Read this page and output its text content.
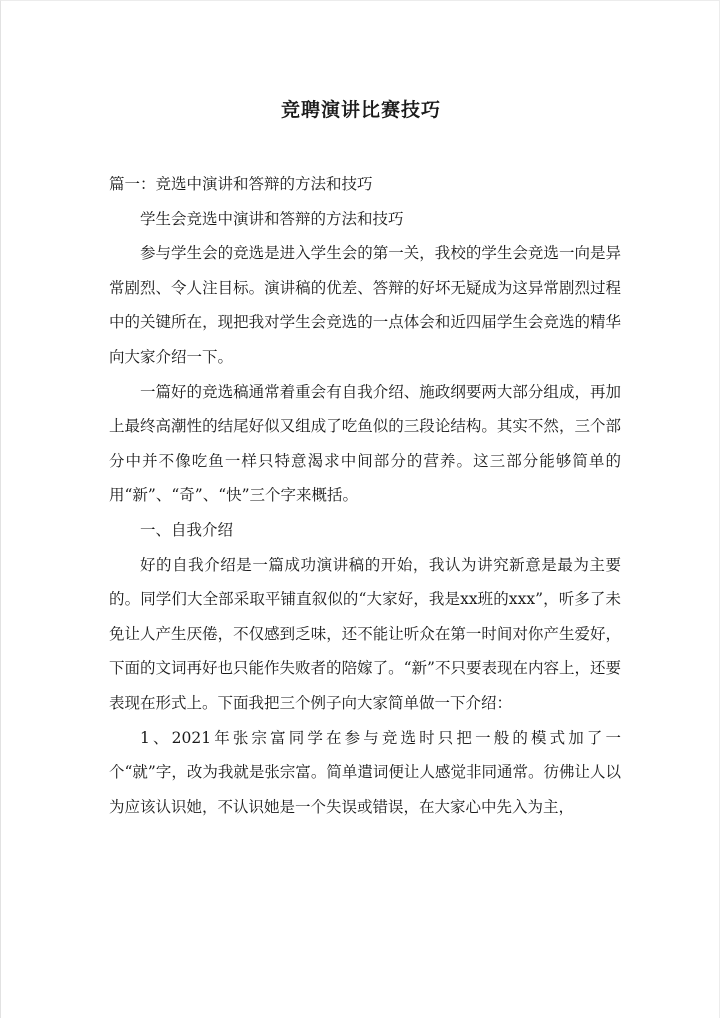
竞聘演讲比赛技巧

篇一：竞选中演讲和答辩的方法和技巧

学生会竞选中演讲和答辩的方法和技巧

参与学生会的竞选是进入学生会的第一关，我校的学生会竞选一向是异常剧烈、令人注目标。演讲稿的优差、答辩的好坏无疑成为这异常剧烈过程中的关键所在，现把我对学生会竞选的一点体会和近四届学生会竞选的精华向大家介绍一下。

一篇好的竞选稿通常着重会有自我介绍、施政纲要两大部分组成，再加上最终高潮性的结尾好似又组成了吃鱼似的三段论结构。其实不然，三个部分中并不像吃鱼一样只特意渴求中间部分的营养。这三部分能够简单的用“新”、“奇”、“快”三个字来概括。

一、自我介绍

好的自我介绍是一篇成功演讲稿的开始，我认为讲究新意是最为主要的。同学们大全部采取平铺直叙似的“大家好，我是xx班的xxx”，听多了未免让人产生厌倦，不仅感到乏味，还不能让听众在第一时间对你产生爱好，下面的文词再好也只能作失败者的陪嫁了。“新”不只要表现在内容上，还要表现在形式上。下面我把三个例子向大家简单做一下介绍：

1、2021年张宗富同学在参与竞选时只把一般的模式加了一个“就”字，改为我就是张宗富。简单遣词便让人感觉非同通常。彷佛让人以为应该认识她，不认识她是一个失误或错误，在大家心中先入为主，
